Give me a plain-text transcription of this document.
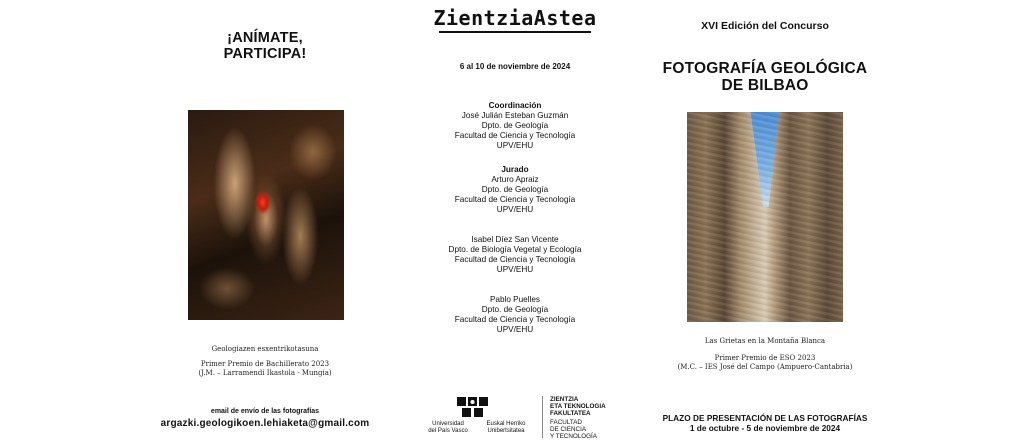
¡ANÍMATE,
PARTICIPA!
Geologiazen esxentrikotasuna
Primer Premio de Bachillerato 2023
(J.M. – Larramendi Ikastola - Mungia)
email de envío de las fotografías
argazki.geologikoen.lehiaketa@gmail.com
ZientziaAstea
6 al 10 de noviembre de 2024
Coordinación
José Julián Esteban Guzmán
Dpto. de Geología
Facultad de Ciencia y Tecnología
UPV/EHU
Jurado
Arturo Apraiz
Dpto. de Geología
Facultad de Ciencia y Tecnología
UPV/EHU
Isabel Díez San Vicente
Dpto. de Biología Vegetal y Ecología
Facultad de Ciencia y Tecnología
UPV/EHU
Pablo Puelles
Dpto. de Geología
Facultad de Ciencia y Tecnología
UPV/EHU
Universidad
del País Vasco
Euskal Herriko
Unibertsitatea
ZIENTZIA
ETA TEKNOLOGIA
FAKULTATEA
FACULTAD
DE CIENCIA
Y TECNOLOGÍA
XVI Edición del Concurso
FOTOGRAFÍA GEOLÓGICA
DE BILBAO
Las Grietas en la Montaña Blanca
Primer Premio de ESO 2023
(M.C. – IES José del Campo (Ampuero-Cantabria)
PLAZO DE PRESENTACIÓN DE LAS FOTOGRAFÍAS
1 de octubre - 5 de noviembre de 2024
